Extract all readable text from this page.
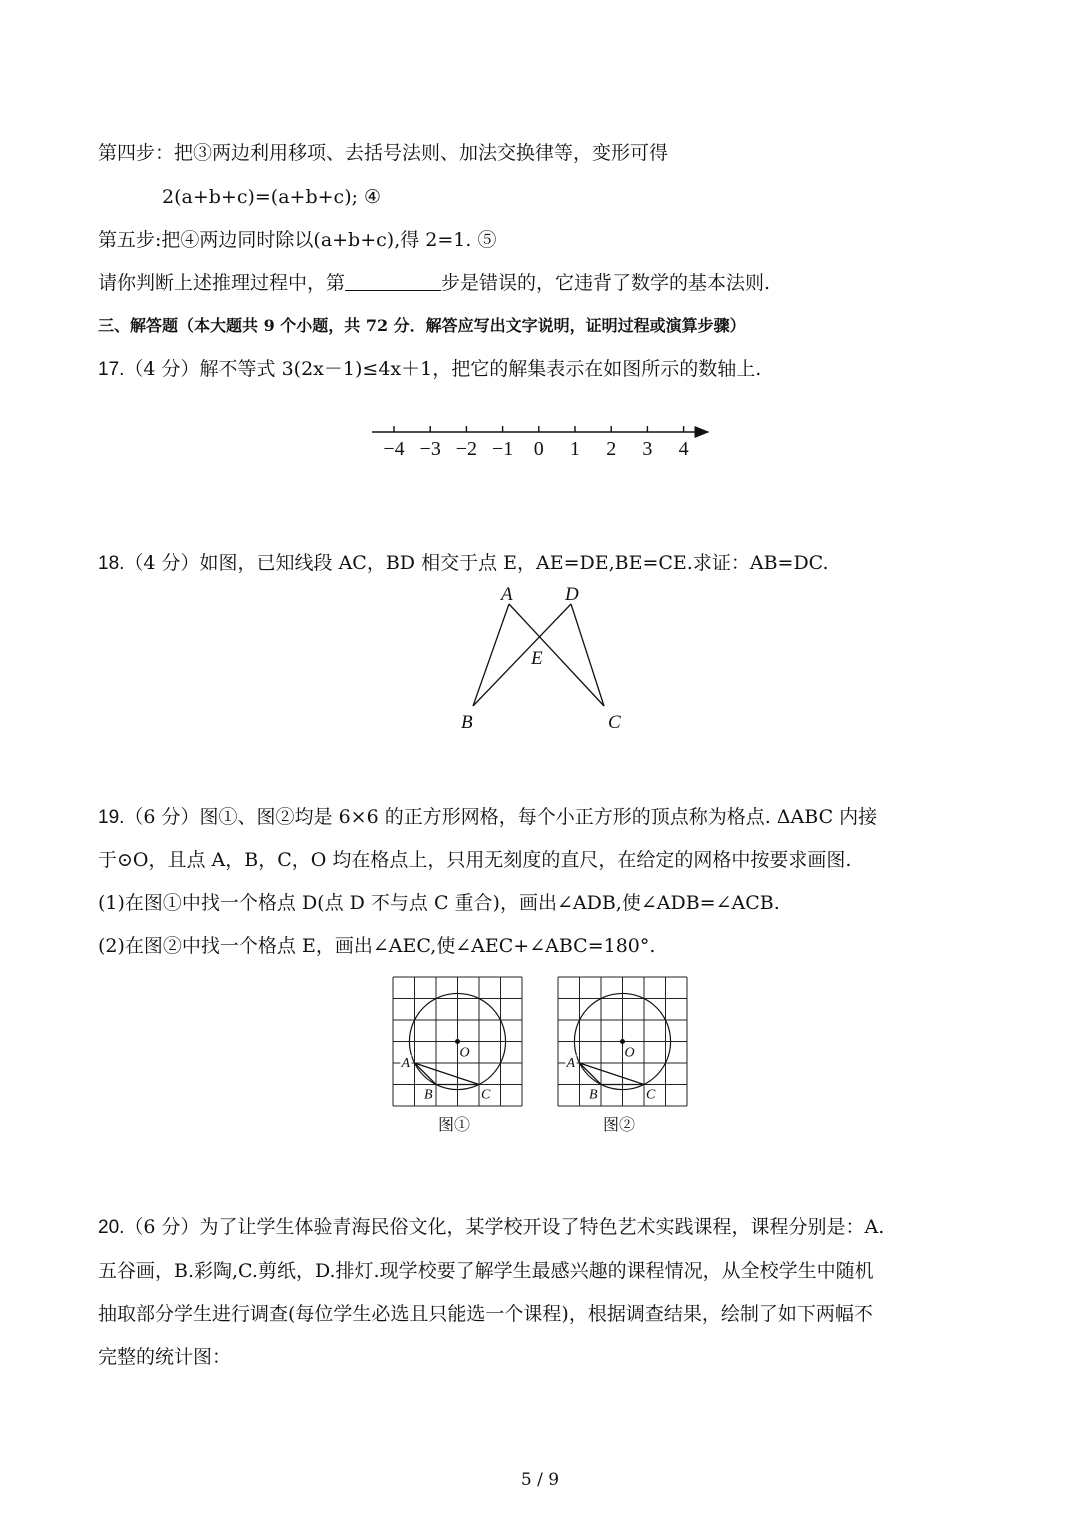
第四步：把③两边利用移项、去括号法则、加法交换律等，变形可得
2(a+b+c)=(a+b+c); ④
第五步:把④两边同时除以(a+b+c),得 2=1. ⑤
请你判断上述推理过程中，第	步是错误的，它违背了数学的基本法则.
三、解答题（本大题共 9 个小题，共 72 分．解答应写出文字说明，证明过程或演算步骤）
17.（4 分）解不等式 3(2x－1)≤4x＋1，把它的解集表示在如图所示的数轴上.
18.（4 分）如图，已知线段 AC，BD 相交于点 E，AE=DE,BE=CE.求证：AB=DC.
19.（6 分）图①、图②均是 6×6 的正方形网格，每个小正方形的顶点称为格点. ΔABC 内接
于⊙O，且点 A，B，C，O 均在格点上，只用无刻度的直尺，在给定的网格中按要求画图.
(1)在图①中找一个格点 D(点 D 不与点 C 重合)，画出∠ADB,使∠ADB=∠ACB.
(2)在图②中找一个格点 E，画出∠AEC,使∠AEC+∠ABC=180°.
20.（6 分）为了让学生体验青海民俗文化，某学校开设了特色艺术实践课程，课程分别是：A.
五谷画，B.彩陶,C.剪纸，D.排灯.现学校要了解学生最感兴趣的课程情况，从全校学生中随机
抽取部分学生进行调查(每位学生必选且只能选一个课程)，根据调查结果，绘制了如下两幅不
完整的统计图：
5 / 9
−4 −3 −2 −1 0 1 2 3 4
A	D
E
B	C
O
A
B	C
O
A
B	C
图①	图②
